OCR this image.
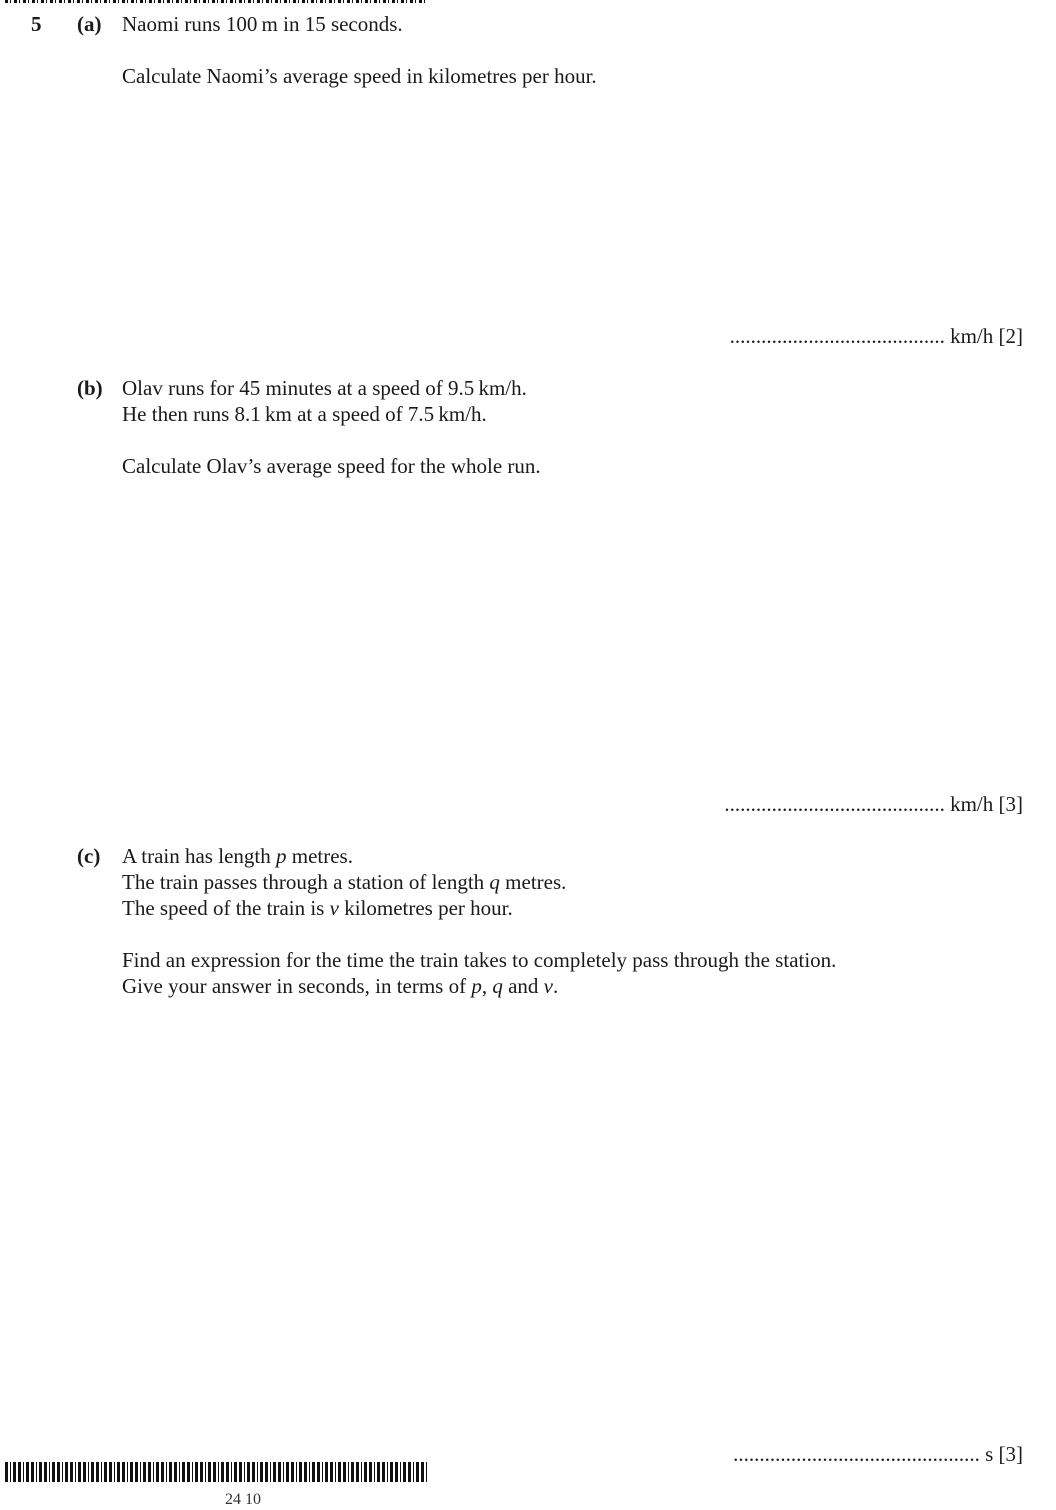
5 (a) Naomi runs 100 m in 15 seconds.
Calculate Naomi’s average speed in kilometres per hour.
......................................... km/h [2]
(b) Olav runs for 45 minutes at a speed of 9.5 km/h.
He then runs 8.1 km at a speed of 7.5 km/h.
Calculate Olav’s average speed for the whole run.
.......................................... km/h [3]
(c) A train has length p metres.
The train passes through a station of length q metres.
The speed of the train is v kilometres per hour.
Find an expression for the time the train takes to completely pass through the station.
Give your answer in seconds, in terms of p, q and v.
............................................... s [3]
24 10
